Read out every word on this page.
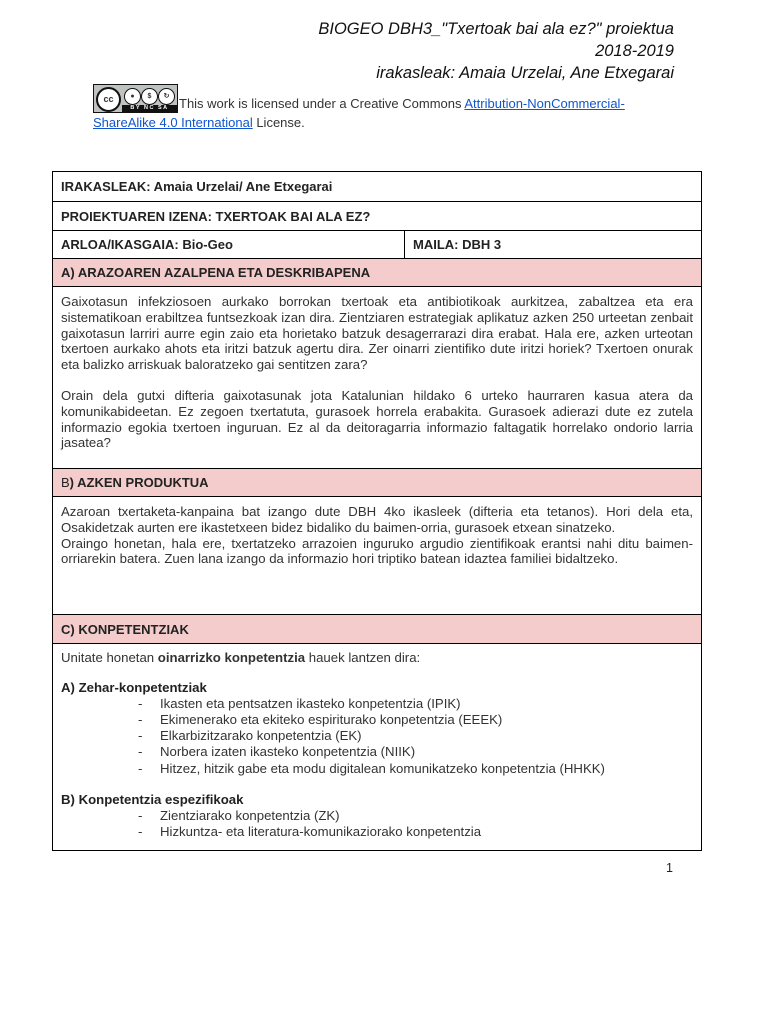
BIOGEO DBH3_"Txertoak bai ala ez?" proiektua
2018-2019
irakasleak: Amaia Urzelai, Ane Etxegarai
cc	●	$	↻
BY NC SA This work is licensed under a Creative Commons Attribution-NonCommercial-ShareAlike 4.0 International License.
IRAKASLEAK: Amaia Urzelai/ Ane Etxegarai
PROIEKTUAREN IZENA: TXERTOAK BAI ALA EZ?
ARLOA/IKASGAIA: Bio-Geo	MAILA: DBH 3
A) ARAZOAREN AZALPENA ETA DESKRIBAPENA

Gaixotasun infekziosoen aurkako borrokan txertoak eta antibiotikoak aurkitzea, zabaltzea eta era sistematikoan erabiltzea funtsezkoak izan dira. Zientziaren estrategiak aplikatuz azken 250 urteetan zenbait gaixotasun larriri aurre egin zaio eta horietako batzuk desagerrarazi dira erabat. Hala ere, azken urteotan txertoen aurkako ahots eta iritzi batzuk agertu dira. Zer oinarri zientifiko dute iritzi horiek? Txertoen onurak eta balizko arriskuak baloratzeko gai sentitzen zara?

Orain dela gutxi difteria gaixotasunak jota Katalunian hildako 6 urteko haurraren kasua atera da komunikabideetan. Ez zegoen txertatuta, gurasoek horrela erabakita. Gurasoek adierazi dute ez zutela informazio egokia txertoen inguruan. Ez al da deitoragarria informazio faltagatik horrelako ondorio larria jasatea?

B) AZKEN PRODUKTUA

Azaroan txertaketa-kanpaina bat izango dute DBH 4ko ikasleek (difteria eta tetanos). Hori dela eta, Osakidetzak aurten ere ikastetxeen bidez bidaliko du baimen-orria, gurasoek etxean sinatzeko.

Oraingo honetan, hala ere, txertatzeko arrazoien inguruko argudio zientifikoak erantsi nahi ditu baimen-orriarekin batera. Zuen lana izango da informazio hori triptiko batean idaztea familiei bidaltzeko.

C) KONPETENTZIAK

Unitate honetan oinarrizko konpetentzia hauek lantzen dira:

A) Zehar-konpetentziak

- Ikasten eta pentsatzen ikasteko konpetentzia (IPIK)
- Ekimenerako eta ekiteko espiriturako konpetentzia (EEEK)
- Elkarbizitzarako konpetentzia (EK)
- Norbera izaten ikasteko konpetentzia (NIIK)
- Hitzez, hitzik gabe eta modu digitalean komunikatzeko konpetentzia (HHKK)

B) Konpetentzia espezifikoak

- Zientziarako konpetentzia (ZK)
- Hizkuntza- eta literatura-komunikaziorako konpetentzia
1
